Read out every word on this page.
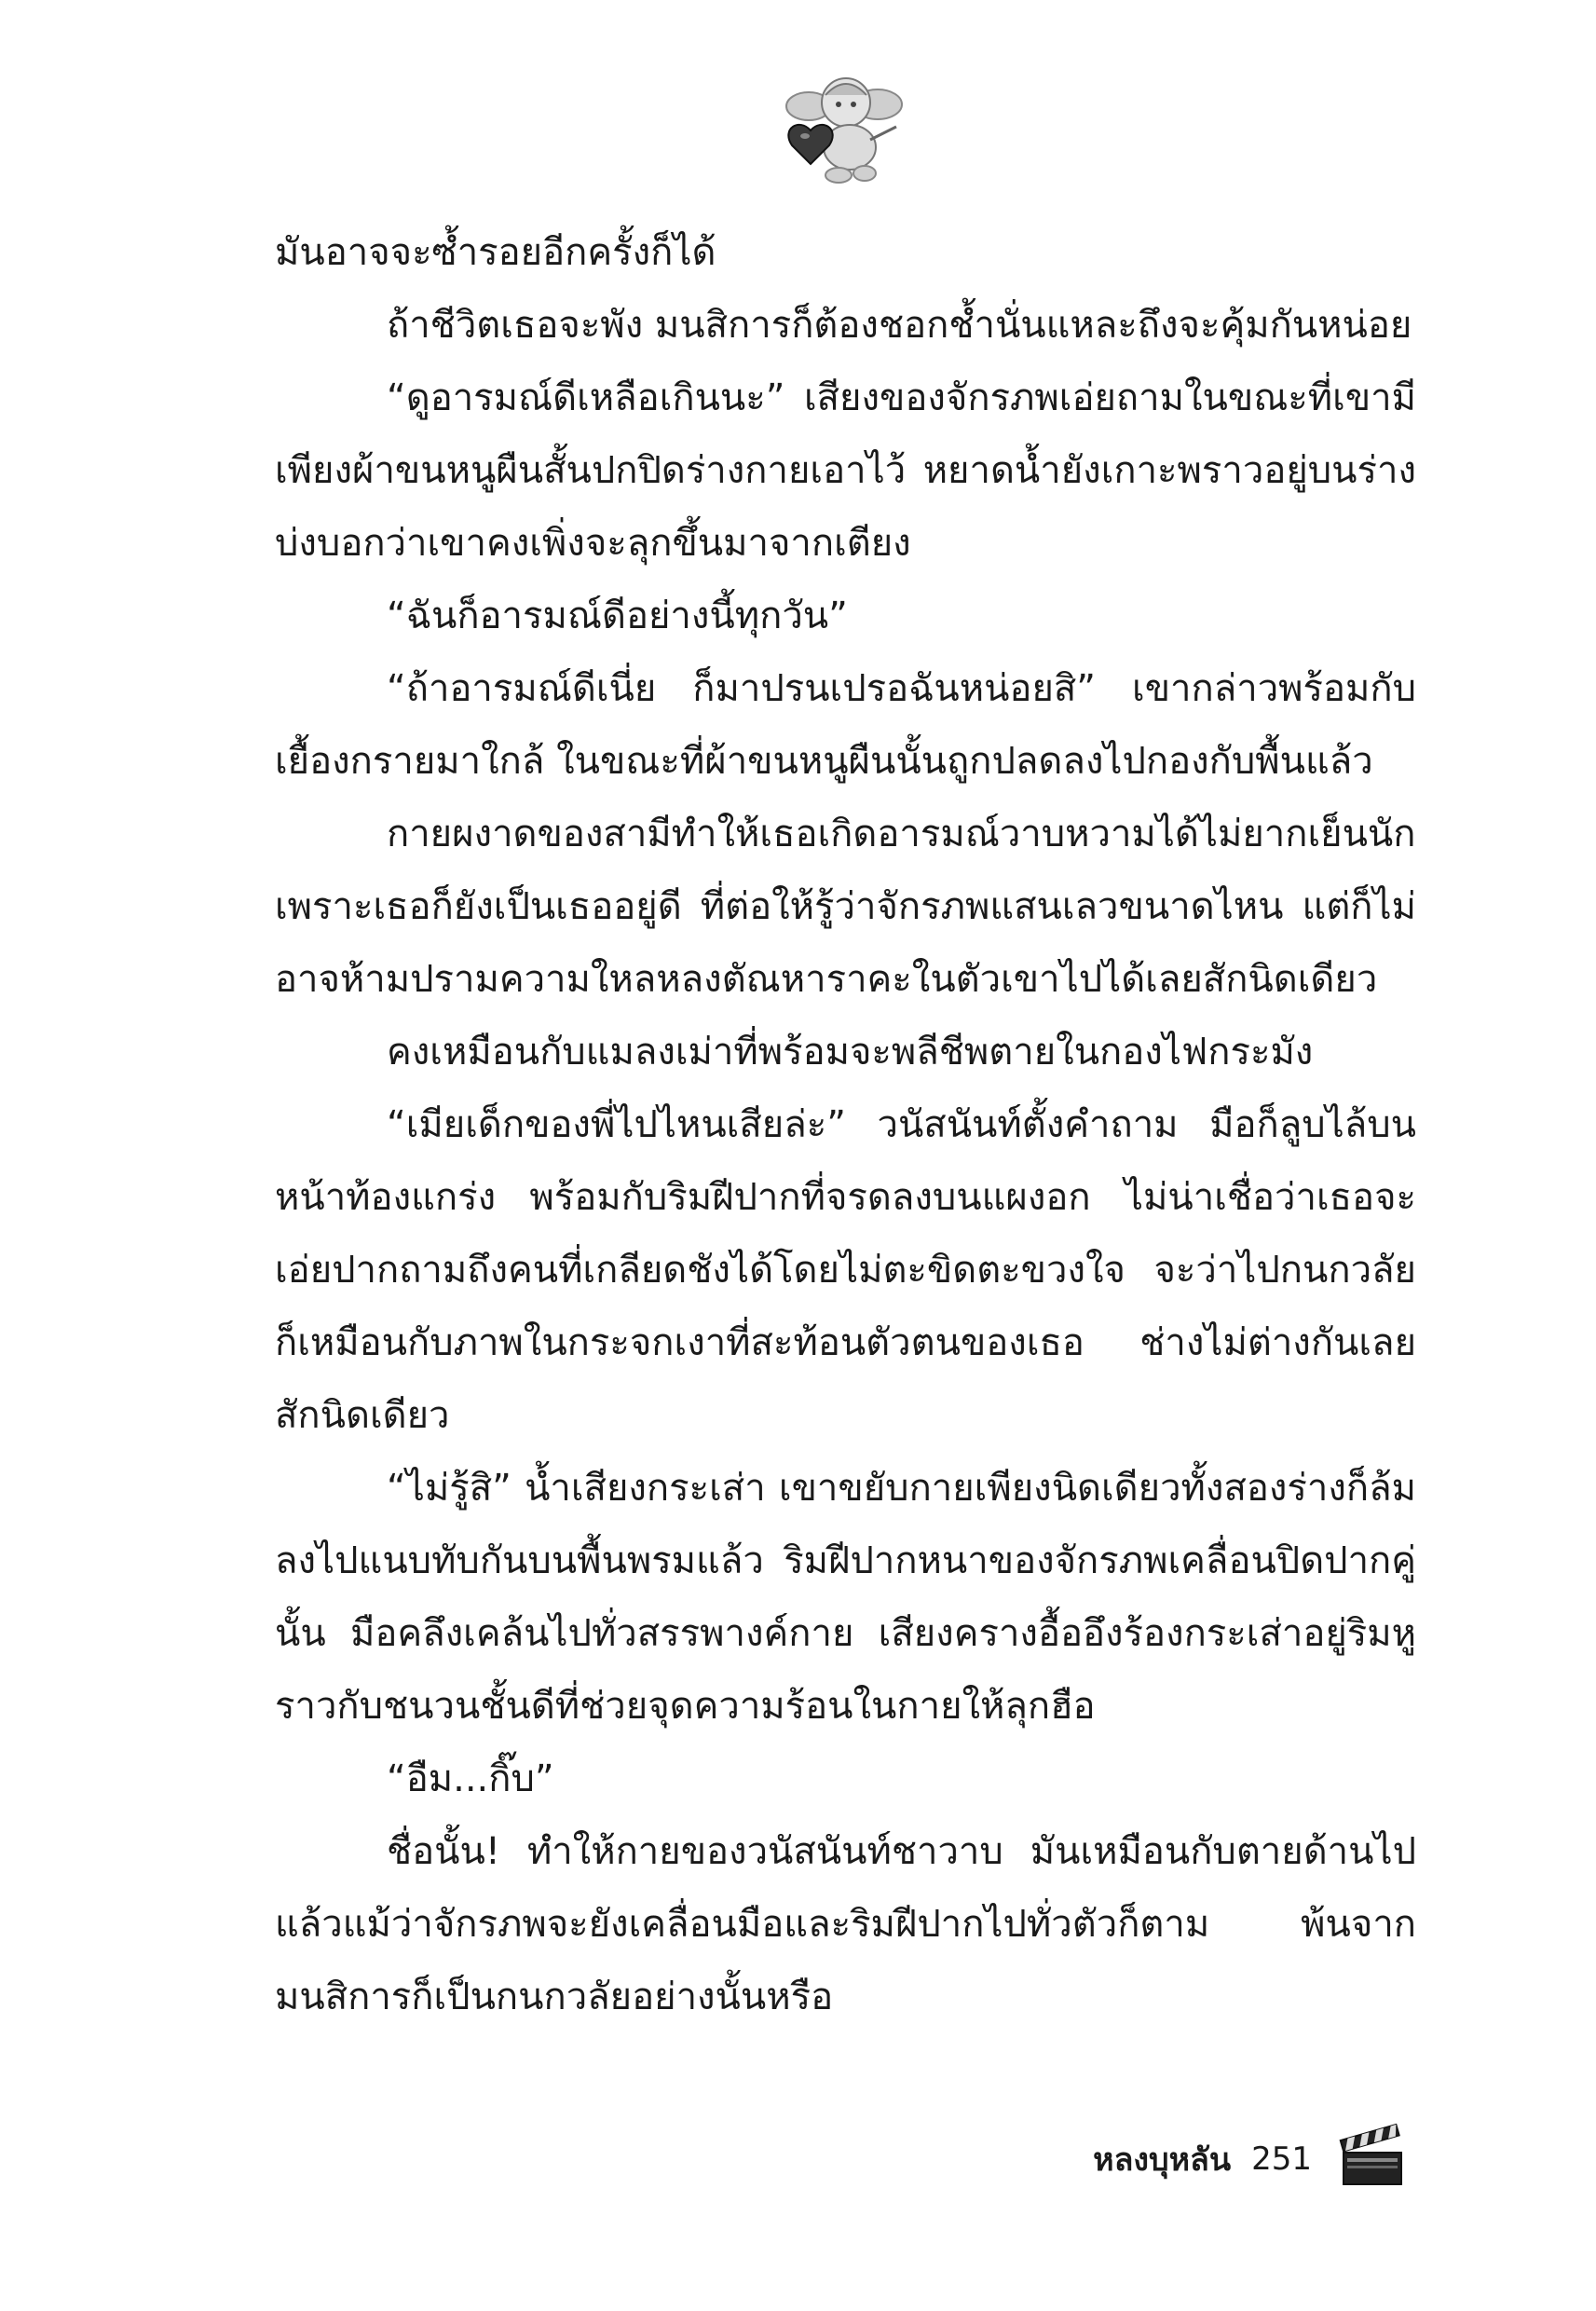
มันอาจจะซ้ำรอยอีกครั้งก็ได้

ถ้าชีวิตเธอจะพัง มนสิการก็ต้องชอกช้ำนั่นแหละถึงจะคุ้มกันหน่อย

“ดูอารมณ์ดีเหลือเกินนะ” เสียงของจักรภพเอ่ยถามในขณะที่เขามีเพียงผ้าขนหนูผืนสั้นปกปิดร่างกายเอาไว้ หยาดน้ำยังเกาะพราวอยู่บนร่างบ่งบอกว่าเขาคงเพิ่งจะลุกขึ้นมาจากเตียง

“ฉันก็อารมณ์ดีอย่างนี้ทุกวัน”

“ถ้าอารมณ์ดีเนี่ย ก็มาปรนเปรอฉันหน่อยสิ” เขากล่าวพร้อมกับเยื้องกรายมาใกล้ ในขณะที่ผ้าขนหนูผืนนั้นถูกปลดลงไปกองกับพื้นแล้ว

กายผงาดของสามีทำให้เธอเกิดอารมณ์วาบหวามได้ไม่ยากเย็นนักเพราะเธอก็ยังเป็นเธออยู่ดี ที่ต่อให้รู้ว่าจักรภพแสนเลวขนาดไหน แต่ก็ไม่อาจห้ามปรามความใหลหลงตัณหาราคะในตัวเขาไปได้เลยสักนิดเดียว

คงเหมือนกับแมลงเม่าที่พร้อมจะพลีชีพตายในกองไฟกระมัง

“เมียเด็กของพี่ไปไหนเสียล่ะ” วนัสนันท์ตั้งคำถาม มือก็ลูบไล้บนหน้าท้องแกร่ง พร้อมกับริมฝีปากที่จรดลงบนแผงอก ไม่น่าเชื่อว่าเธอจะเอ่ยปากถามถึงคนที่เกลียดชังได้โดยไม่ตะขิดตะขวงใจ จะว่าไปกนกวลัยก็เหมือนกับภาพในกระจกเงาที่สะท้อนตัวตนของเธอ ช่างไม่ต่างกันเลยสักนิดเดียว

“ไม่รู้สิ” น้ำเสียงกระเส่า เขาขยับกายเพียงนิดเดียวทั้งสองร่างก็ล้มลงไปแนบทับกันบนพื้นพรมแล้ว ริมฝีปากหนาของจักรภพเคลื่อนปิดปากคู่นั้น มือคลึงเคล้นไปทั่วสรรพางค์กาย เสียงครางอื้ออึงร้องกระเส่าอยู่ริมหูราวกับชนวนชั้นดีที่ช่วยจุดความร้อนในกายให้ลุกฮือ

“อืม...กิ๊บ”

ชื่อนั้น! ทำให้กายของวนัสนันท์ชาวาบ มันเหมือนกับตายด้านไปแล้วแม้ว่าจักรภพจะยังเคลื่อนมือและริมฝีปากไปทั่วตัวก็ตาม พ้นจากมนสิการก็เป็นกนกวลัยอย่างนั้นหรือ

หลงบุหลัน 251
